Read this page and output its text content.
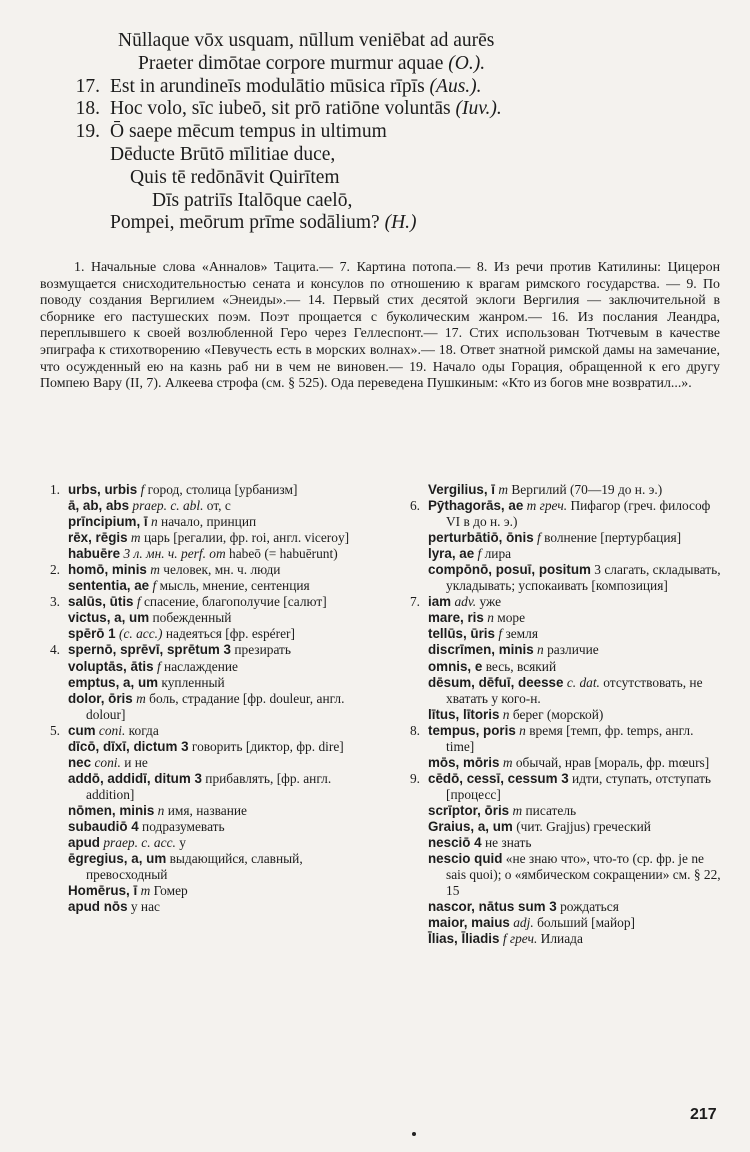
Nūllaque vōx usquam, nūllum veniēbat ad aurēs
Praeter dimōtae corpore murmur aquae (O.).
17. Est in arundineīs modulātio mūsica rīpīs (Aus.).
18. Hoc volo, sīc iubeō, sit prō ratiōne voluntās (Iuv.).
19. Ō saepe mēcum tempus in ultimum
Dēducte Brūtō mīlitiae duce,
Quis tē redōnāvit Quirītem
Dīs patriīs Italōque caelō,
Pompei, meōrum prīme sodālium? (H.)
1. Начальные слова «Анналов» Тацита.— 7. Картина потопа.— 8. Из речи против Катилины: Цицерон возмущается снисходительностью сената и консулов по отношению к врагам римского государства. — 9. По поводу создания Вергилием «Энеиды».— 14. Первый стих десятой эклоги Вергилия — заключительной в сборнике его пастушеских поэм. Поэт прощается с буколическим жанром.— 16. Из послания Леандра, переплывшего к своей возлюбленной Геро через Геллеспонт.— 17. Стих использован Тютчевым в качестве эпиграфа к стихотворению «Певучесть есть в морских волнах».— 18. Ответ знатной римской дамы на замечание, что осужденный ею на казнь раб ни в чем не виновен.— 19. Начало оды Горация, обращенной к его другу Помпею Вару (II, 7). Алкеева строфа (см. § 525). Ода переведена Пушкиным: «Кто из богов мне возвратил...».
1. urbs, urbis f город, столица [урбанизм]
ā, ab, abs praep. c. abl. от, с
prīncipium, ī n начало, принцип
rēx, rēgis m царь [регалии, фр. roi, англ. viceroy]
habuēre 3 л. мн. ч. perf. от habeō (= habuērunt)
2. homō, minis m человек, мн. ч. люди
sententia, ae f мысль, мнение, сентенция
3. salūs, ūtis f спасение, благополучие [салют]
victus, a, um побежденный
spērō 1 (c. acc.) надеяться [фр. espérer]
4. spernō, sprēvī, sprētum 3 презирать
voluptās, ātis f наслаждение
emptus, a, um купленный
dolor, ōris m боль, страдание [фр. douleur, англ. dolour]
5. cum coni. когда
dīcō, dīxī, dictum 3 говорить [диктор, фр. dire]
nec coni. и не
addō, addidī, ditum 3 прибавлять, [фр. англ. addition]
nōmen, minis n имя, название
subaudiō 4 подразумевать
apud praep. c. acc. у
ēgregius, a, um выдающийся, славный, превосходный
Homērus, ī m Гомер
apud nōs у нас
Vergilius, ī m Вергилий (70—19 до н. э.)
6. Pӯthagorās, ae m греч. Пифагор (греч. философ VI в до н. э.)
perturbātiō, ōnis f волнение [пертурбация]
lyra, ae f лира
compōnō, posuī, positum 3 слагать, складывать, укладывать; успокаивать [композиция]
7. iam adv. уже
mare, ris n море
tellūs, ūris f земля
discrīmen, minis n различие
omnis, e весь, всякий
dēsum, dēfuī, deesse c. dat. отсутствовать, не хватать у кого-н.
lītus, lītoris n берег (морской)
8. tempus, poris n время [темп, фр. temps, англ. time]
mōs, mōris m обычай, нрав [мораль, фр. mœurs]
9. cēdō, cessī, cessum 3 идти, ступать, отступать [процесс]
scrīptor, ōris m писатель
Graius, a, um (чит. Grajjus) греческий
nesciō 4 не знать
nescio quid «не знаю что», что-то (ср. фр. je ne sais quoi); о «ямбическом сокращении» см. § 22, 15
nascor, nātus sum 3 рождаться
maior, maius adj. больший [майор]
Īlias, Īliadis f греч. Илиада
217
